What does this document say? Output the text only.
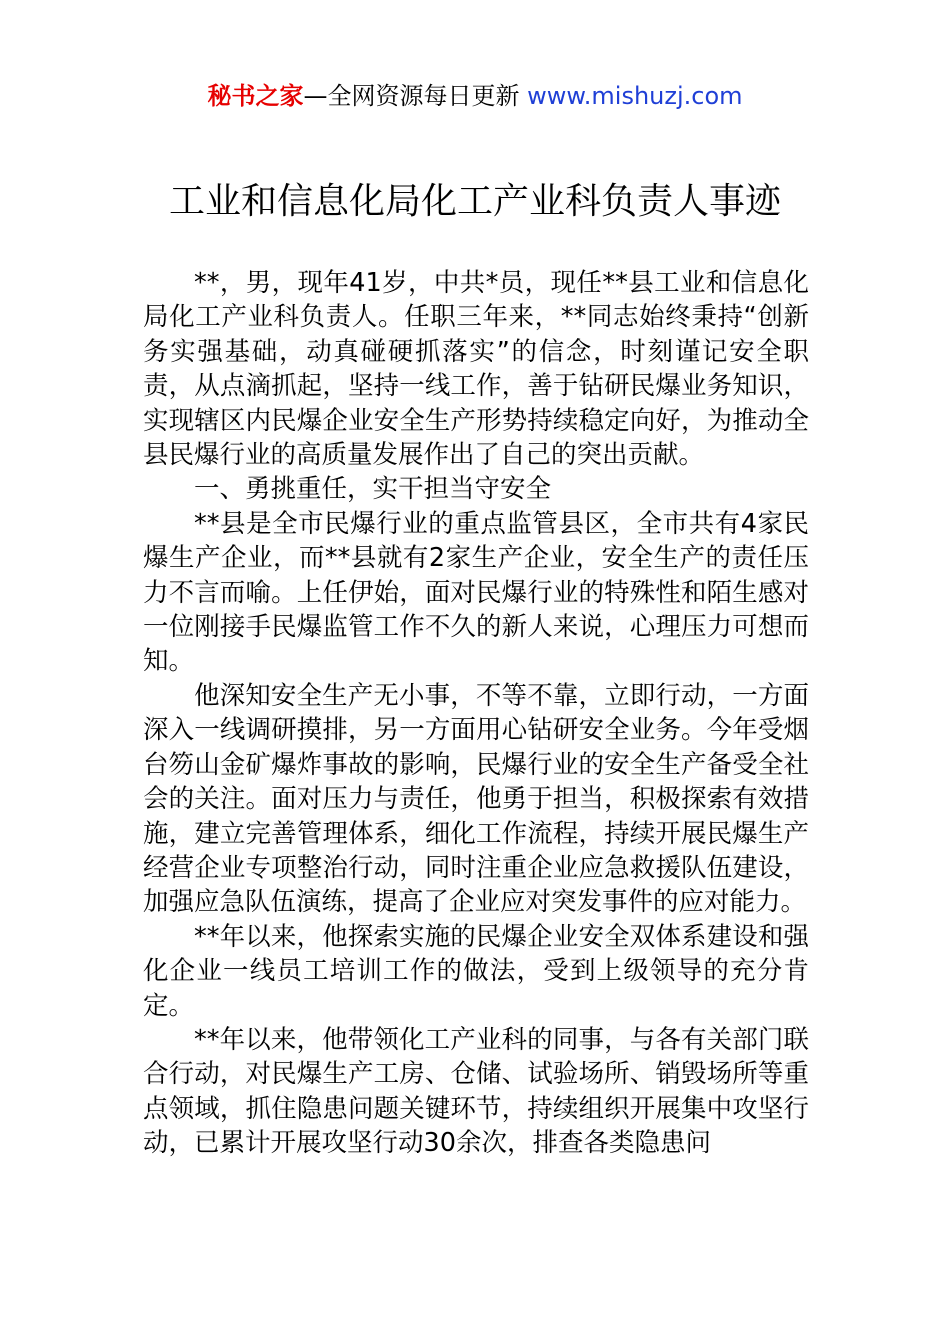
秘书之家—全网资源每日更新 www.mishuzj.com
工业和信息化局化工产业科负责人事迹

**，男，现年41岁，中共*员，现任**县工业和信息化局化工产业科负责人。任职三年来，**同志始终秉持“创新务实强基础，动真碰硬抓落实”的信念，时刻谨记安全职责，从点滴抓起，坚持一线工作，善于钻研民爆业务知识，实现辖区内民爆企业安全生产形势持续稳定向好，为推动全县民爆行业的高质量发展作出了自己的突出贡献。

一、勇挑重任，实干担当守安全

**县是全市民爆行业的重点监管县区，全市共有4家民爆生产企业，而**县就有2家生产企业，安全生产的责任压力不言而喻。上任伊始，面对民爆行业的特殊性和陌生感对一位刚接手民爆监管工作不久的新人来说，心理压力可想而知。

他深知安全生产无小事，不等不靠，立即行动，一方面深入一线调研摸排，另一方面用心钻研安全业务。今年受烟台笏山金矿爆炸事故的影响，民爆行业的安全生产备受全社会的关注。面对压力与责任，他勇于担当，积极探索有效措施，建立完善管理体系，细化工作流程，持续开展民爆生产经营企业专项整治行动，同时注重企业应急救援队伍建设，加强应急队伍演练，提高了企业应对突发事件的应对能力。

**年以来，他探索实施的民爆企业安全双体系建设和强化企业一线员工培训工作的做法，受到上级领导的充分肯定。

**年以来，他带领化工产业科的同事，与各有关部门联合行动，对民爆生产工房、仓储、试验场所、销毁场所等重点领域，抓住隐患问题关键环节，持续组织开展集中攻坚行动，已累计开展攻坚行动30余次，排查各类隐患问
